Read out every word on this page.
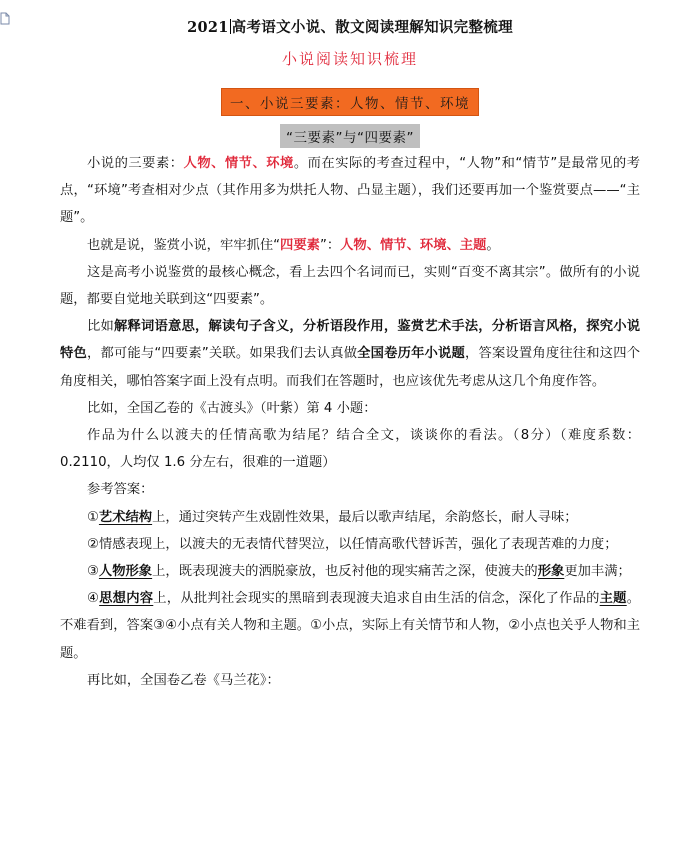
2021 高考语文小说、散文阅读理解知识完整梳理
小说阅读知识梳理
一、小说三要素：人物、情节、环境
“三要素”与“四要素”

小说的三要素：人物、情节、环境。而在实际的考查过程中，“人物”和“情节”是最常见的考点，“环境”考查相对少点（其作用多为烘托人物、凸显主题），我们还要再加一个鉴赏要点——“主题”。

也就是说，鉴赏小说，牢牢抓住“四要素”：人物、情节、环境、主题。

这是高考小说鉴赏的最核心概念，看上去四个名词而已，实则“百变不离其宗”。做所有的小说题，都要自觉地关联到这“四要素”。

比如解释词语意思，解读句子含义，分析语段作用，鉴赏艺术手法，分析语言风格，探究小说特色，都可能与“四要素”关联。如果我们去认真做全国卷历年小说题，答案设置角度往往和这四个角度相关，哪怕答案字面上没有点明。而我们在答题时，也应该优先考虑从这几个角度作答。

比如，全国乙卷的《古渡头》（叶紫）第 4 小题：

作品为什么以渡夫的任情高歌为结尾？结合全文，谈谈你的看法。（8分）（难度系数：0.2110，人均仅 1.6 分左右，很难的一道题）

参考答案：

①艺术结构上，通过突转产生戏剧性效果，最后以歌声结尾，余韵悠长，耐人寻味；

②情感表现上，以渡夫的无表情代替哭泣，以任情高歌代替诉苦，强化了表现苦难的力度；

③人物形象上，既表现渡夫的洒脱豪放，也反衬他的现实痛苦之深，使渡夫的形象更加丰满；

④思想内容上，从批判社会现实的黑暗到表现渡夫追求自由生活的信念，深化了作品的主题。不难看到，答案③④小点有关人物和主题。①小点，实际上有关情节和人物，②小点也关乎人物和主题。

再比如，全国卷乙卷《马兰花》：
